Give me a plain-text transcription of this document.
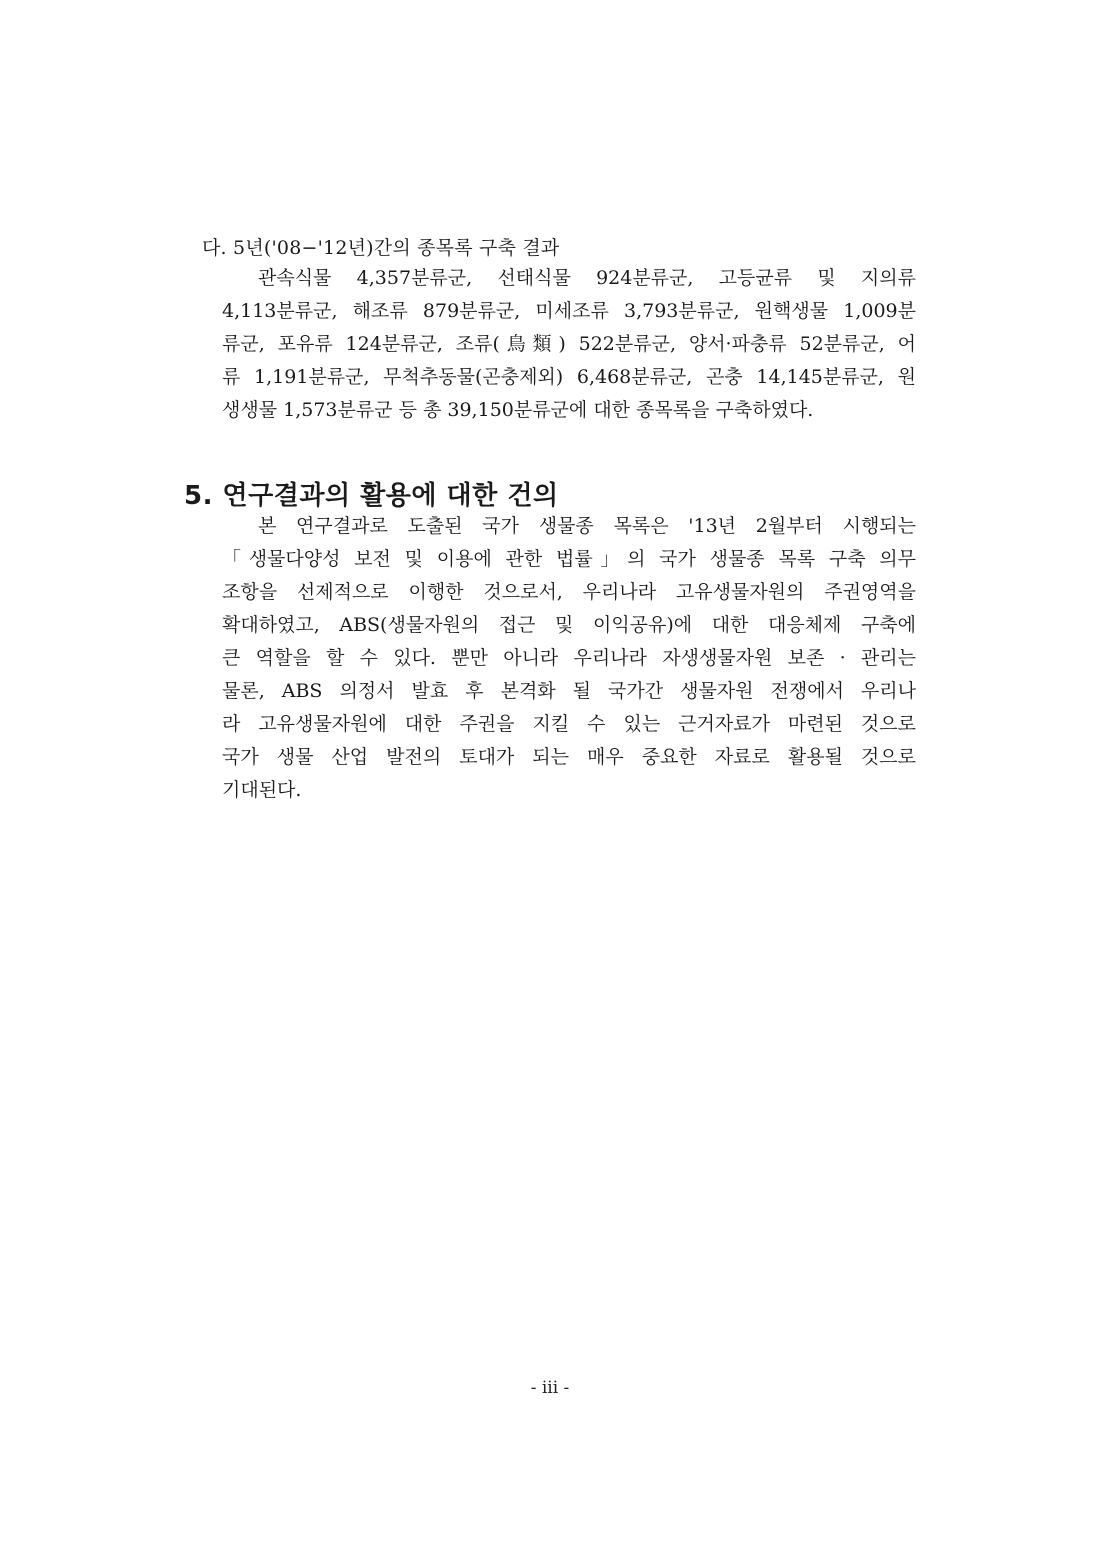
다. 5년('08−'12년)간의 종목록 구축 결과
관속식물 4,357분류군, 선태식물 924분류군, 고등균류 및 지의류
4,113분류군, 해조류 879분류군, 미세조류 3,793분류군, 원핵생물 1,009분
류군, 포유류 124분류군, 조류(鳥類) 522분류군, 양서·파충류 52분류군, 어
류 1,191분류군, 무척추동물(곤충제외) 6,468분류군, 곤충 14,145분류군, 원
생생물 1,573분류군 등 총 39,150분류군에 대한 종목록을 구축하였다.
5. 연구결과의 활용에 대한 건의
본 연구결과로 도출된 국가 생물종 목록은 '13년 2월부터 시행되는
「생물다양성 보전 및 이용에 관한 법률」의 국가 생물종 목록 구축 의무
조항을 선제적으로 이행한 것으로서, 우리나라 고유생물자원의 주권영역을
확대하였고, ABS(생물자원의 접근 및 이익공유)에 대한 대응체제 구축에
큰 역할을 할 수 있다. 뿐만 아니라 우리나라 자생생물자원 보존 · 관리는
물론, ABS 의정서 발효 후 본격화 될 국가간 생물자원 전쟁에서 우리나
라 고유생물자원에 대한 주권을 지킬 수 있는 근거자료가 마련된 것으로
국가 생물 산업 발전의 토대가 되는 매우 중요한 자료로 활용될 것으로
기대된다.
- iii -
